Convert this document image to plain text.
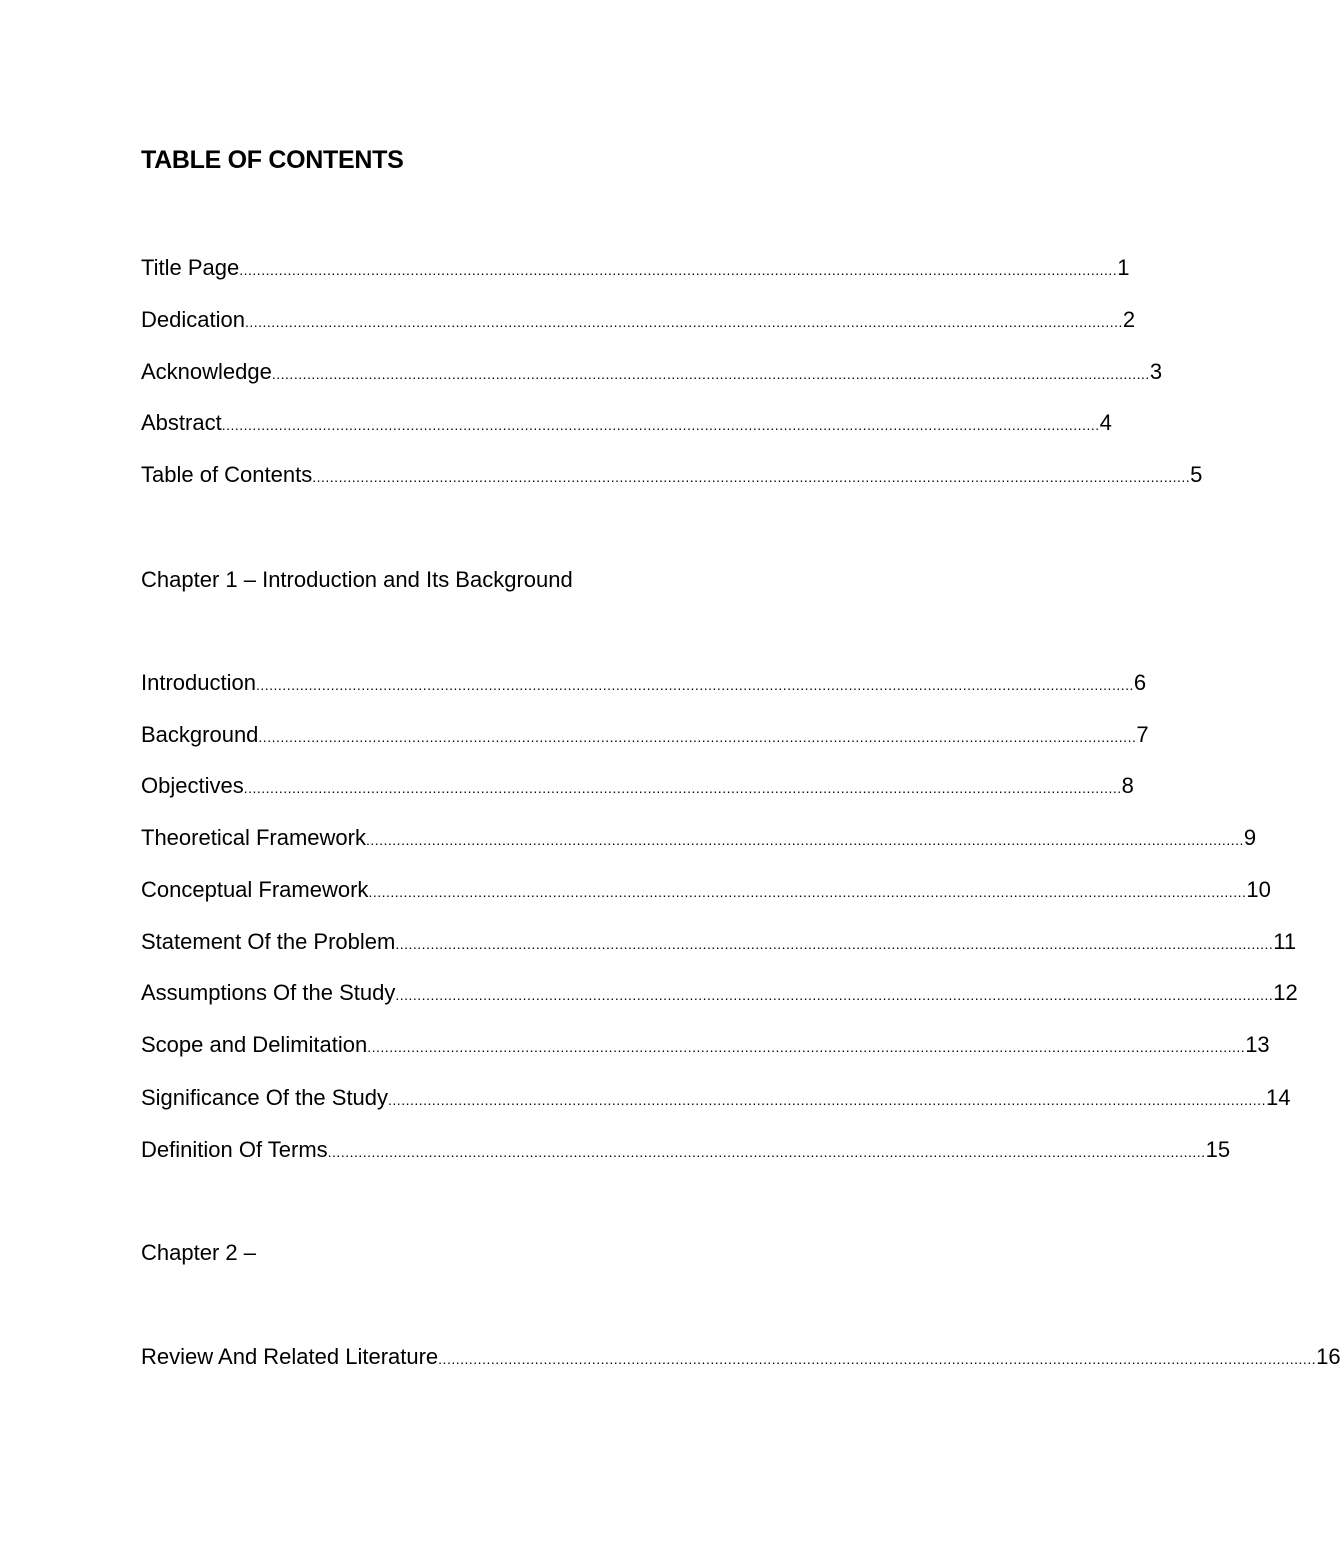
TABLE OF CONTENTS
Title Page ........................................................................................................................................................................................................ 1
Dedication ........................................................................................................................................................................................................ 2
Acknowledge ........................................................................................................................................................................................................ 3
Abstract ........................................................................................................................................................................................................ 4
Table of Contents ........................................................................................................................................................................................................ 5
Chapter 1 – Introduction and Its Background
Introduction ........................................................................................................................................................................................................ 6
Background ........................................................................................................................................................................................................ 7
Objectives ........................................................................................................................................................................................................ 8
Theoretical Framework ........................................................................................................................................................................................................ 9
Conceptual Framework ........................................................................................................................................................................................................ 10
Statement Of the Problem ........................................................................................................................................................................................................ 11
Assumptions Of the Study ........................................................................................................................................................................................................ 12
Scope and Delimitation ........................................................................................................................................................................................................ 13
Significance Of the Study ........................................................................................................................................................................................................ 14
Definition Of Terms ........................................................................................................................................................................................................ 15
Chapter 2 –
Review And Related Literature ........................................................................................................................................................................................................ 16
